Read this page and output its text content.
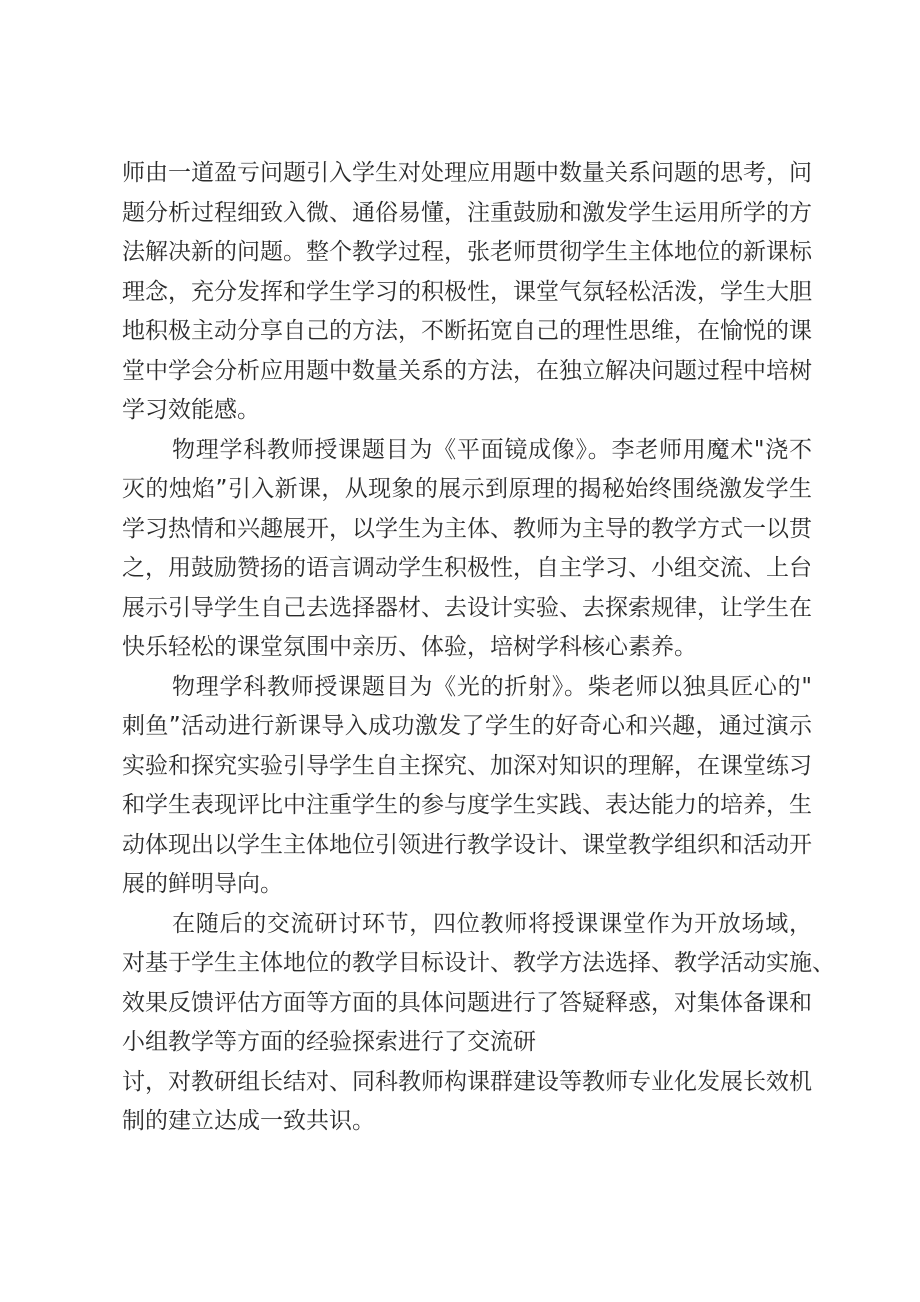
师由一道盈亏问题引入学生对处理应用题中数量关系问题的思考，问
题分析过程细致入微、通俗易懂，注重鼓励和激发学生运用所学的方
法解决新的问题。整个教学过程，张老师贯彻学生主体地位的新课标
理念，充分发挥和学生学习的积极性，课堂气氛轻松活泼，学生大胆
地积极主动分享自己的方法，不断拓宽自己的理性思维，在愉悦的课
堂中学会分析应用题中数量关系的方法，在独立解决问题过程中培树
学习效能感。
物理学科教师授课题目为《平面镜成像》。李老师用魔术"浇不
灭的烛焰”引入新课，从现象的展示到原理的揭秘始终围绕激发学生
学习热情和兴趣展开，以学生为主体、教师为主导的教学方式一以贯
之，用鼓励赞扬的语言调动学生积极性，自主学习、小组交流、上台
展示引导学生自己去选择器材、去设计实验、去探索规律，让学生在
快乐轻松的课堂氛围中亲历、体验，培树学科核心素养。
物理学科教师授课题目为《光的折射》。柴老师以独具匠心的"
刺鱼”活动进行新课导入成功激发了学生的好奇心和兴趣，通过演示
实验和探究实验引导学生自主探究、加深对知识的理解，在课堂练习
和学生表现评比中注重学生的参与度学生实践、表达能力的培养，生
动体现出以学生主体地位引领进行教学设计、课堂教学组织和活动开
展的鲜明导向。
在随后的交流研讨环节，四位教师将授课课堂作为开放场域，
对基于学生主体地位的教学目标设计、教学方法选择、教学活动实施、
效果反馈评估方面等方面的具体问题进行了答疑释惑，对集体备课和
小组教学等方面的经验探索进行了交流研
讨，对教研组长结对、同科教师构课群建设等教师专业化发展长效机
制的建立达成一致共识。
